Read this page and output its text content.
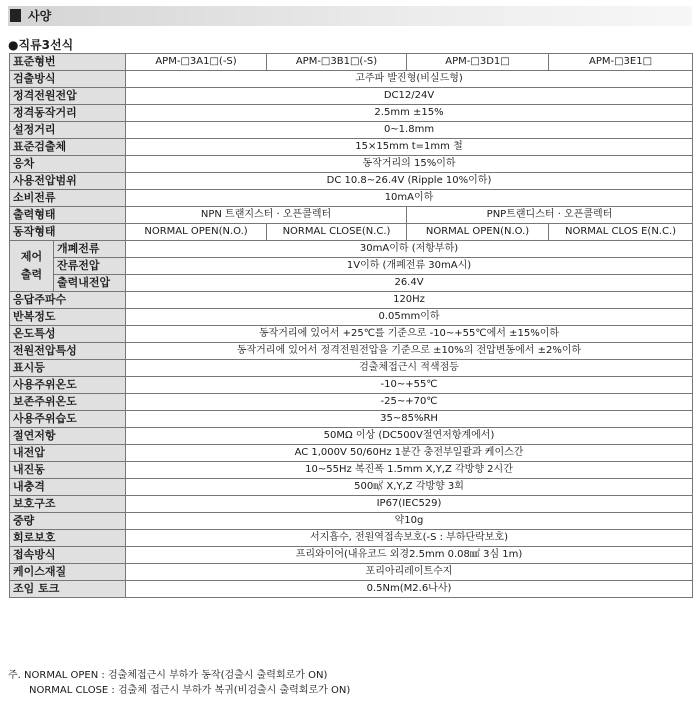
사양
●직류3선식
표준형번		APM-□3A1□(-S)	APM-□3B1□(-S)	APM-□3D1□	APM-□3E1□
검출방식		고주파 발진형(비실드형)			
정격전원전압		DC12/24V			
정격동작거리		2.5mm ±15%			
설정거리		0~1.8mm			
표준검출체		15×15mm t=1mm 철			
응차		동작거리의 15%이하			
사용전압범위		DC 10.8~26.4V (Ripple 10%이하)			
소비전류		10mA이하			
출력형태		NPN 트랜지스터 · 오픈콜렉터		PNP트랜디스터 · 오픈콜렉터	
동작형태		NORMAL OPEN(N.O.)	NORMAL CLOSE(N.C.)	NORMAL OPEN(N.O.)	NORMAL CLOS E(N.C.)
제어
출력	개폐전류	30mA이하 (저항부하)			
	잔류전압	1V이하 (개폐전류 30mA시)			
	출력내전압	26.4V			
응답주파수		120Hz			
반복정도		0.05mm이하			
온도특성		동작거리에 있어서 +25℃를 기준으로 -10~+55℃에서 ±15%이하			
전원전압특성		동작거리에 있어서 정격전원전압을 기준으로 ±10%의 전압변동에서 ±2%이하			
표시등		검출체접근시 적색점등			
사용주위온도		-10~+55℃			
보존주위온도		-25~+70℃			
사용주위습도		35~85%RH			
절연저항		50MΩ 이상 (DC500V절연저항계에서)			
내전압		AC 1,000V 50/60Hz 1분간 충전부일괄과 케이스간			
내진동		10~55Hz 복진폭 1.5mm X,Y,Z 각방향 2시간			
내충격		500㎨ X,Y,Z 각방향 3회			
보호구조		IP67(IEC529)			
중량		약10g			
회로보호		서지흡수, 전원역접속보호(-S : 부하단락보호)			
접속방식		프리와이어(내유코드 외경2.5mm 0.08㎟ 3심 1m)			
케이스재질		포리아리레이트수지			
조임 토크		0.5Nm(M2.6나사)			
주. NORMAL OPEN : 검출체접근시 부하가 동작(검출시 출력회로가 ON)
NORMAL CLOSE : 검출체 접근시 부하가 복귀(비검출시 출력회로가 ON)
